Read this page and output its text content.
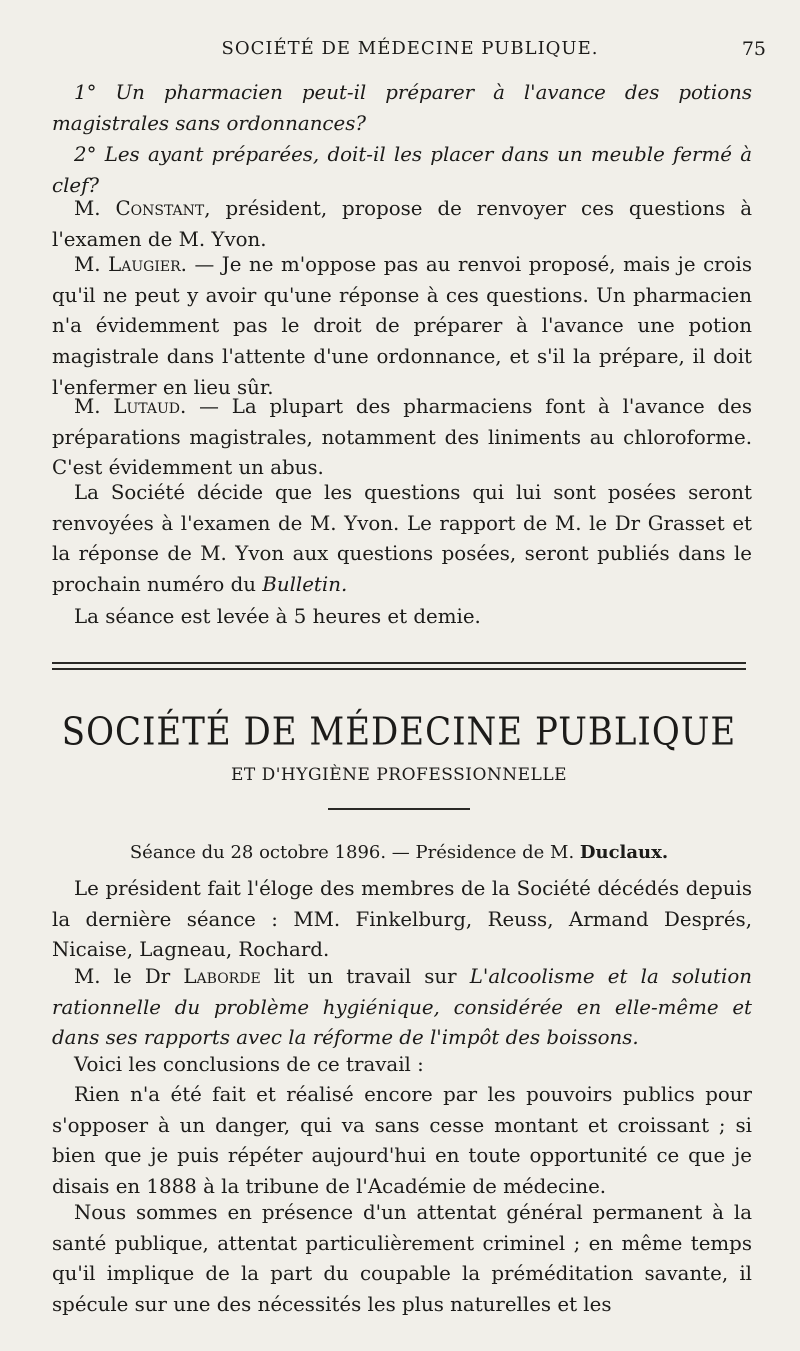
SOCIÉTÉ DE MÉDECINE PUBLIQUE.	75

1° Un pharmacien peut-il préparer à l'avance des potions magistrales sans ordonnances?

2° Les ayant préparées, doit-il les placer dans un meuble fermé à clef?

M. Constant, président, propose de renvoyer ces questions à l'examen de M. Yvon.

M. Laugier. — Je ne m'oppose pas au renvoi proposé, mais je crois qu'il ne peut y avoir qu'une réponse à ces questions. Un pharmacien n'a évidemment pas le droit de préparer à l'avance une potion magistrale dans l'attente d'une ordonnance, et s'il la prépare, il doit l'enfermer en lieu sûr.

M. Lutaud. — La plupart des pharmaciens font à l'avance des préparations magistrales, notamment des liniments au chloroforme. C'est évidemment un abus.

La Société décide que les questions qui lui sont posées seront renvoyées à l'examen de M. Yvon. Le rapport de M. le Dr Grasset et la réponse de M. Yvon aux questions posées, seront publiés dans le prochain numéro du Bulletin.

La séance est levée à 5 heures et demie.

SOCIÉTÉ DE MÉDECINE PUBLIQUE
ET D'HYGIÈNE PROFESSIONNELLE
Séance du 28 octobre 1896. — Présidence de M. Duclaux.

Le président fait l'éloge des membres de la Société décédés depuis la dernière séance : MM. Finkelburg, Reuss, Armand Després, Nicaise, Lagneau, Rochard.

M. le Dr Laborde lit un travail sur L'alcoolisme et la solution rationnelle du problème hygiénique, considérée en elle-même et dans ses rapports avec la réforme de l'impôt des boissons.

Voici les conclusions de ce travail :

Rien n'a été fait et réalisé encore par les pouvoirs publics pour s'opposer à un danger, qui va sans cesse montant et croissant ; si bien que je puis répéter aujourd'hui en toute opportunité ce que je disais en 1888 à la tribune de l'Académie de médecine.

Nous sommes en présence d'un attentat général permanent à la santé publique, attentat particulièrement criminel ; en même temps qu'il implique de la part du coupable la préméditation savante, il spécule sur une des nécessités les plus naturelles et les
